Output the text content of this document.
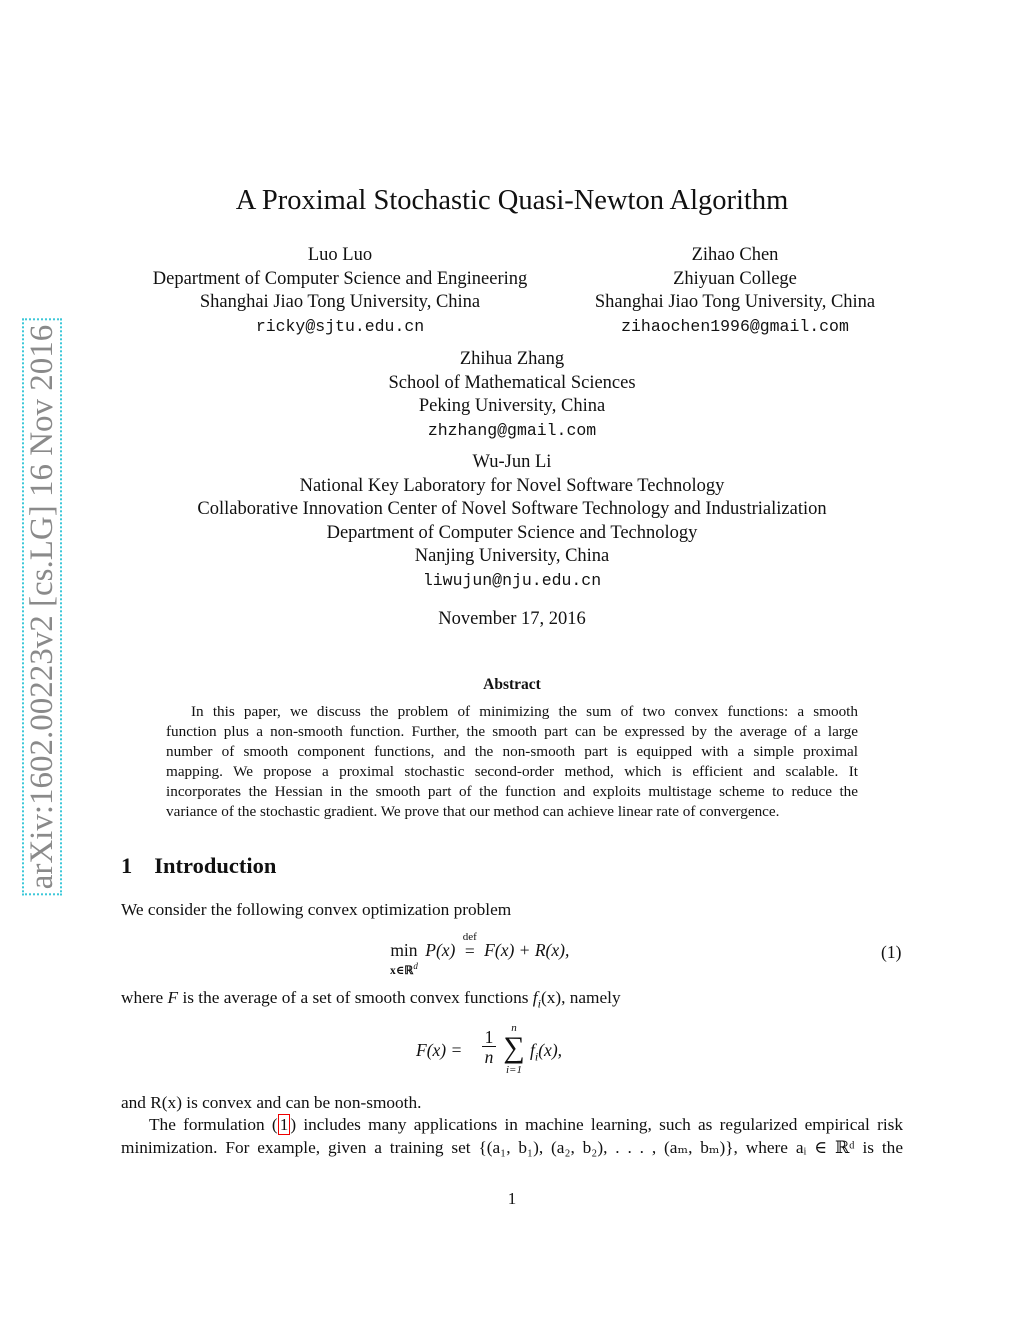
arXiv:1602.00223v2 [cs.LG] 16 Nov 2016
A Proximal Stochastic Quasi-Newton Algorithm
Luo Luo
Department of Computer Science and Engineering
Shanghai Jiao Tong University, China
ricky@sjtu.edu.cn
Zihao Chen
Zhiyuan College
Shanghai Jiao Tong University, China
zihaochen1996@gmail.com
Zhihua Zhang
School of Mathematical Sciences
Peking University, China
zhzhang@gmail.com
Wu-Jun Li
National Key Laboratory for Novel Software Technology
Collaborative Innovation Center of Novel Software Technology and Industrialization
Department of Computer Science and Technology
Nanjing University, China
liwujun@nju.edu.cn
November 17, 2016
Abstract
In this paper, we discuss the problem of minimizing the sum of two convex functions: a smooth
function plus a non-smooth function. Further, the smooth part can be expressed by the average of a large
number of smooth component functions, and the non-smooth part is equipped with a simple proximal
mapping. We propose a proximal stochastic second-order method, which is efficient and scalable. It
incorporates the Hessian in the smooth part of the function and exploits multistage scheme to reduce the
variance of the stochastic gradient. We prove that our method can achieve linear rate of convergence.
1 Introduction
We consider the following convex optimization problem
min
x∈ℝ$^d$
P(x)
def
= F(x) + R(x),	(1)
where F is the average of a set of smooth convex functions $f_i(x)$, namely
$F(x) = \frac{1}{n}$
n
∑
i=1
$f_i(x)$,
and R(x) is convex and can be non-smooth.
The formulation ( 1 ) includes many applications in machine learning, such as regularized empirical risk
minimization. For example, given a training set {(a₁, b₁), (a₂, b₂), . . . , (aₘ, bₘ)}, where aᵢ ∈ ℝᵈ is the
1
